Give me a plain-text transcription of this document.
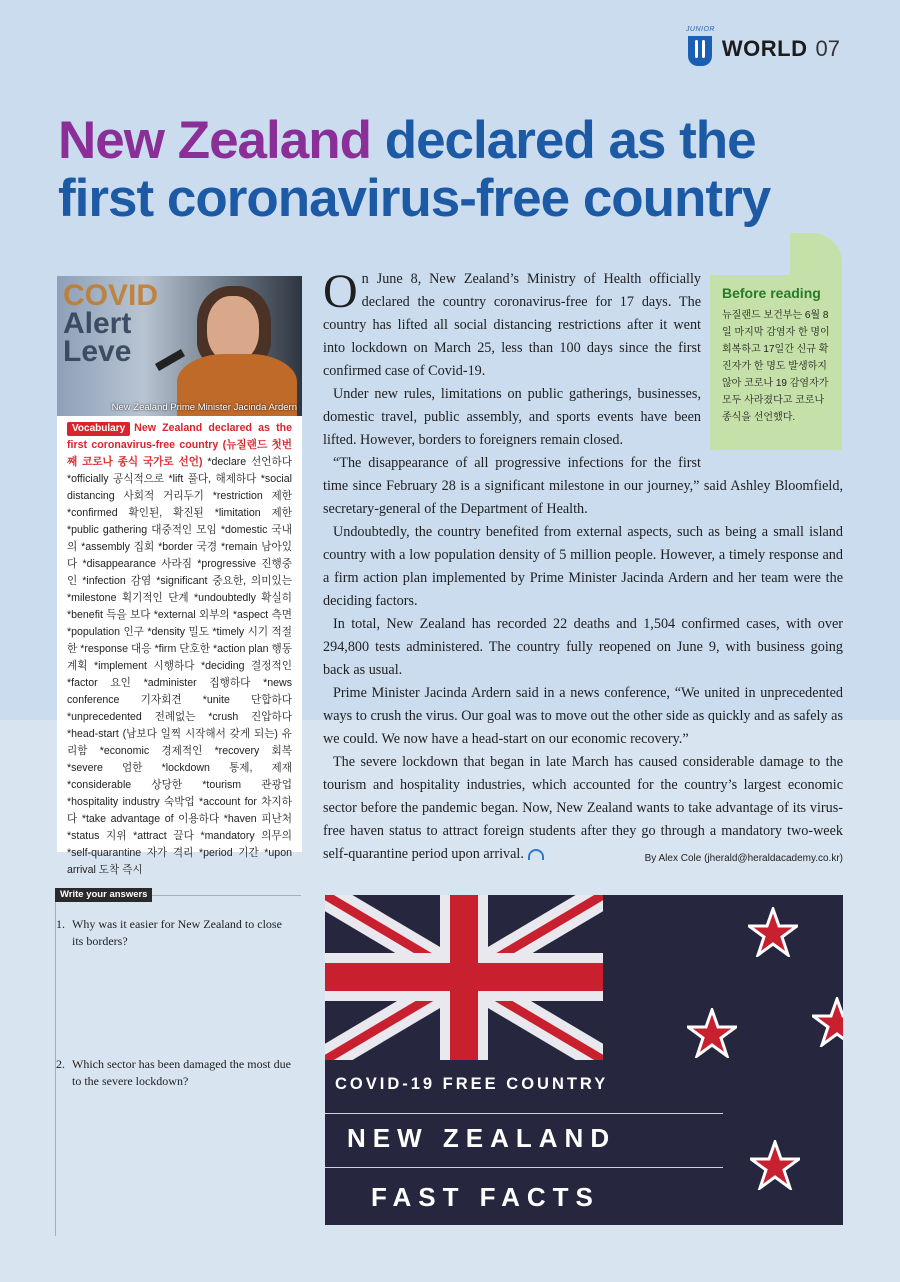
JUNIOR
WORLD 07
New Zealand declared as the
first coronavirus-free country
COVID
Alert
Leve
New Zealand Prime Minister Jacinda Ardern
Vocabulary New Zealand declared as the first coronavirus-free country (뉴질랜드 첫번째 코로나 종식 국가로 선언) *declare 선언하다 *officially 공식적으로 *lift 풀다, 해제하다 *social distancing 사회적 거리두기 *restriction 제한 *confirmed 확인된, 확진된 *limitation 제한 *public gathering 대중적인 모임 *domestic 국내의 *assembly 집회 *border 국경 *remain 남아있다 *disappearance 사라짐 *progressive 진행중인 *infection 감염 *significant 중요한, 의미있는 *milestone 획기적인 단계 *undoubtedly 확실히 *benefit 득을 보다 *external 외부의 *aspect 측면 *population 인구 *density 밀도 *timely 시기 적절한 *response 대응 *firm 단호한 *action plan 행동계획 *implement 시행하다 *deciding 결정적인 *factor 요인 *administer 집행하다 *news conference 기자회견 *unite 단합하다 *unprecedented 전례없는 *crush 진압하다 *head-start (남보다 일찍 시작해서 갖게 되는) 유리함 *economic 경제적인 *recovery 회복 *severe 엄한 *lockdown 통제, 제재 *considerable 상당한 *tourism 관광업 *hospitality industry 숙박업 *account for 차지하다 *take advantage of 이용하다 *haven 피난처 *status 지위 *attract 끌다 *mandatory 의무의 *self-quarantine 자가 격리 *period 기간 *upon arrival 도착 즉시
Before reading
뉴질랜드 보건부는 6월 8일 마지막 감염자 한 명이 회복하고 17일간 신규 확진자가 한 명도 발생하지 않아 코로나 19 감염자가 모두 사라졌다고 코로나 종식을 선언했다.

On June 8, New Zealand’s Ministry of Health officially declared the country coronavirus-free for 17 days. The country has lifted all social distancing restrictions after it went into lockdown on March 25, less than 100 days since the first confirmed case of Covid-19.

Under new rules, limitations on public gatherings, businesses, domestic travel, public assembly, and sports events have been lifted. However, borders to foreigners remain closed.

“The disappearance of all progressive infections for the first time since February 28 is a significant milestone in our journey,” said Ashley Bloomfield, secretary-general of the Department of Health.

Undoubtedly, the country benefited from external aspects, such as being a small island country with a low population density of 5 million people. However, a timely response and a firm action plan implemented by Prime Minister Jacinda Ardern and her team were the deciding factors.

In total, New Zealand has recorded 22 deaths and 1,504 confirmed cases, with over 294,800 tests administered. The country fully reopened on June 9, with business going back as usual.

Prime Minister Jacinda Ardern said in a news conference, “We united in unprecedented ways to crush the virus. Our goal was to move out the other side as quickly and as safely as we could. We now have a head-start on our economic recovery.”

The severe lockdown that began in late March has caused considerable damage to the tourism and hospitality industries, which accounted for the country’s largest economic sector before the pandemic began. Now, New Zealand wants to take advantage of its virus-free haven status to attract foreign students after they go through a mandatory two-week self-quarantine period upon arrival.	By Alex Cole (jherald@heraldacademy.co.kr)

Write your answers
1. Why was it easier for New Zealand to close its borders?
2. Which sector has been damaged the most due to the severe lockdown?	COVID-19 FREE COUNTRY
NEW ZEALAND
FAST FACTS
